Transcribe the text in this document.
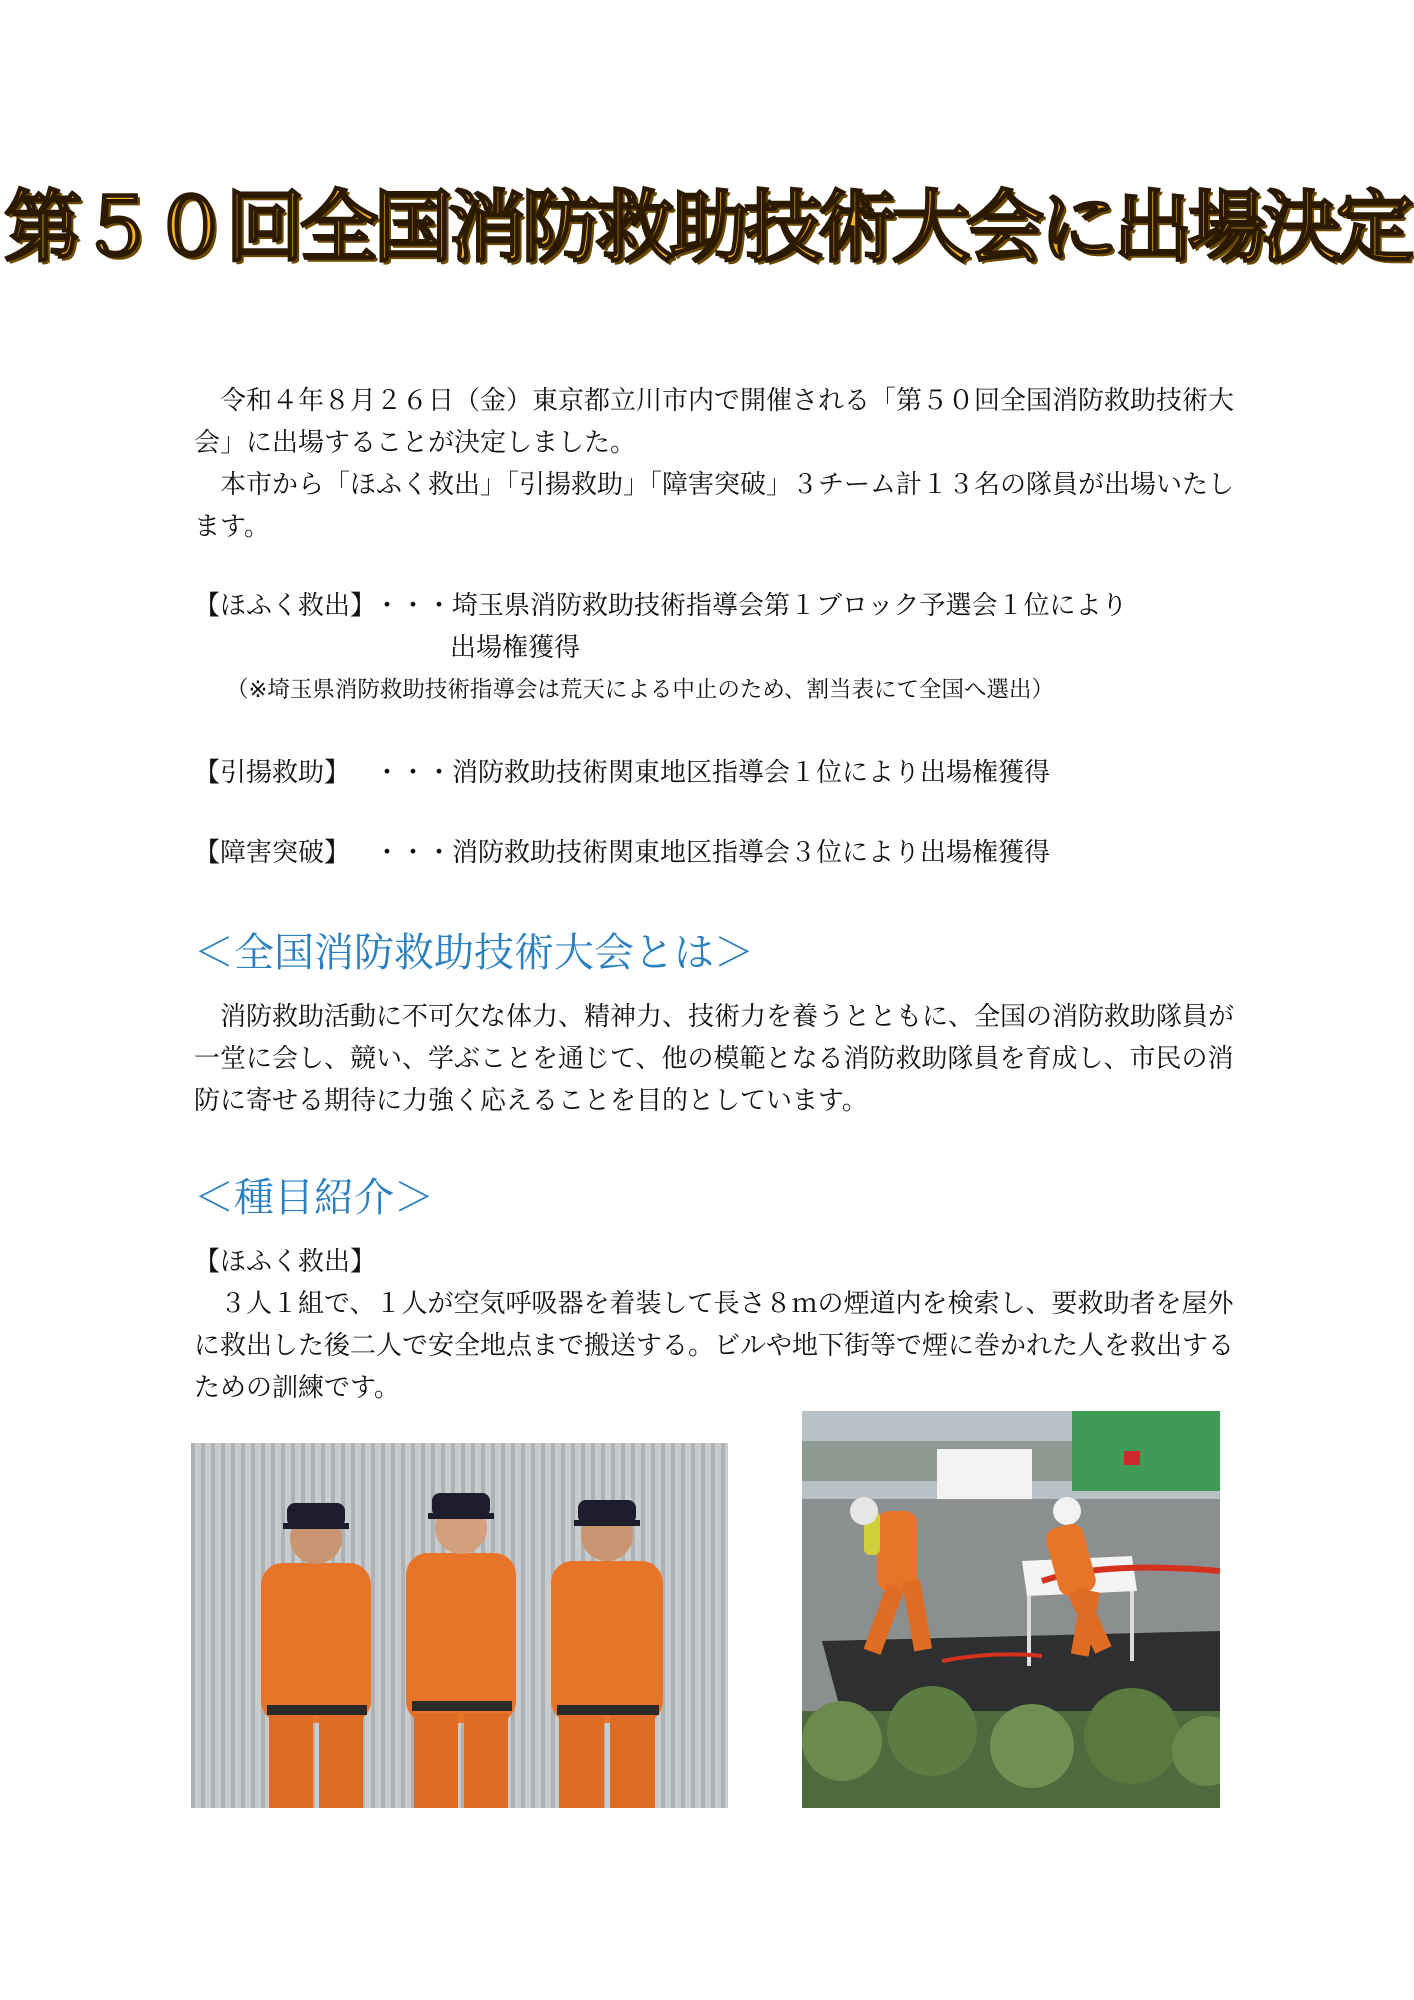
第５０回全国消防救助技術大会に出場決定

令和４年８月２６日（金）東京都立川市内で開催される「第５０回全国消防救助技術大会」に出場することが決定しました。

本市から「ほふく救出」「引揚救助」「障害突破」３チーム計１３名の隊員が出場いたします。

【ほふく救出】
・・・埼玉県消防救助技術指導会第１ブロック予選会１位により
出場権獲得
（※埼玉県消防救助技術指導会は荒天による中止のため、割当表にて全国へ選出）
【引揚救助】 ・・・消防救助技術関東地区指導会１位により出場権獲得
【障害突破】 ・・・消防救助技術関東地区指導会３位により出場権獲得
＜全国消防救助技術大会とは＞

消防救助活動に不可欠な体力、精神力、技術力を養うとともに、全国の消防救助隊員が一堂に会し、競い、学ぶことを通じて、他の模範となる消防救助隊員を育成し、市民の消防に寄せる期待に力強く応えることを目的としています。

＜種目紹介＞
【ほふく救出】

３人１組で、１人が空気呼吸器を着装して長さ８ｍの煙道内を検索し、要救助者を屋外に救出した後二人で安全地点まで搬送する。ビルや地下街等で煙に巻かれた人を救出するための訓練です。
